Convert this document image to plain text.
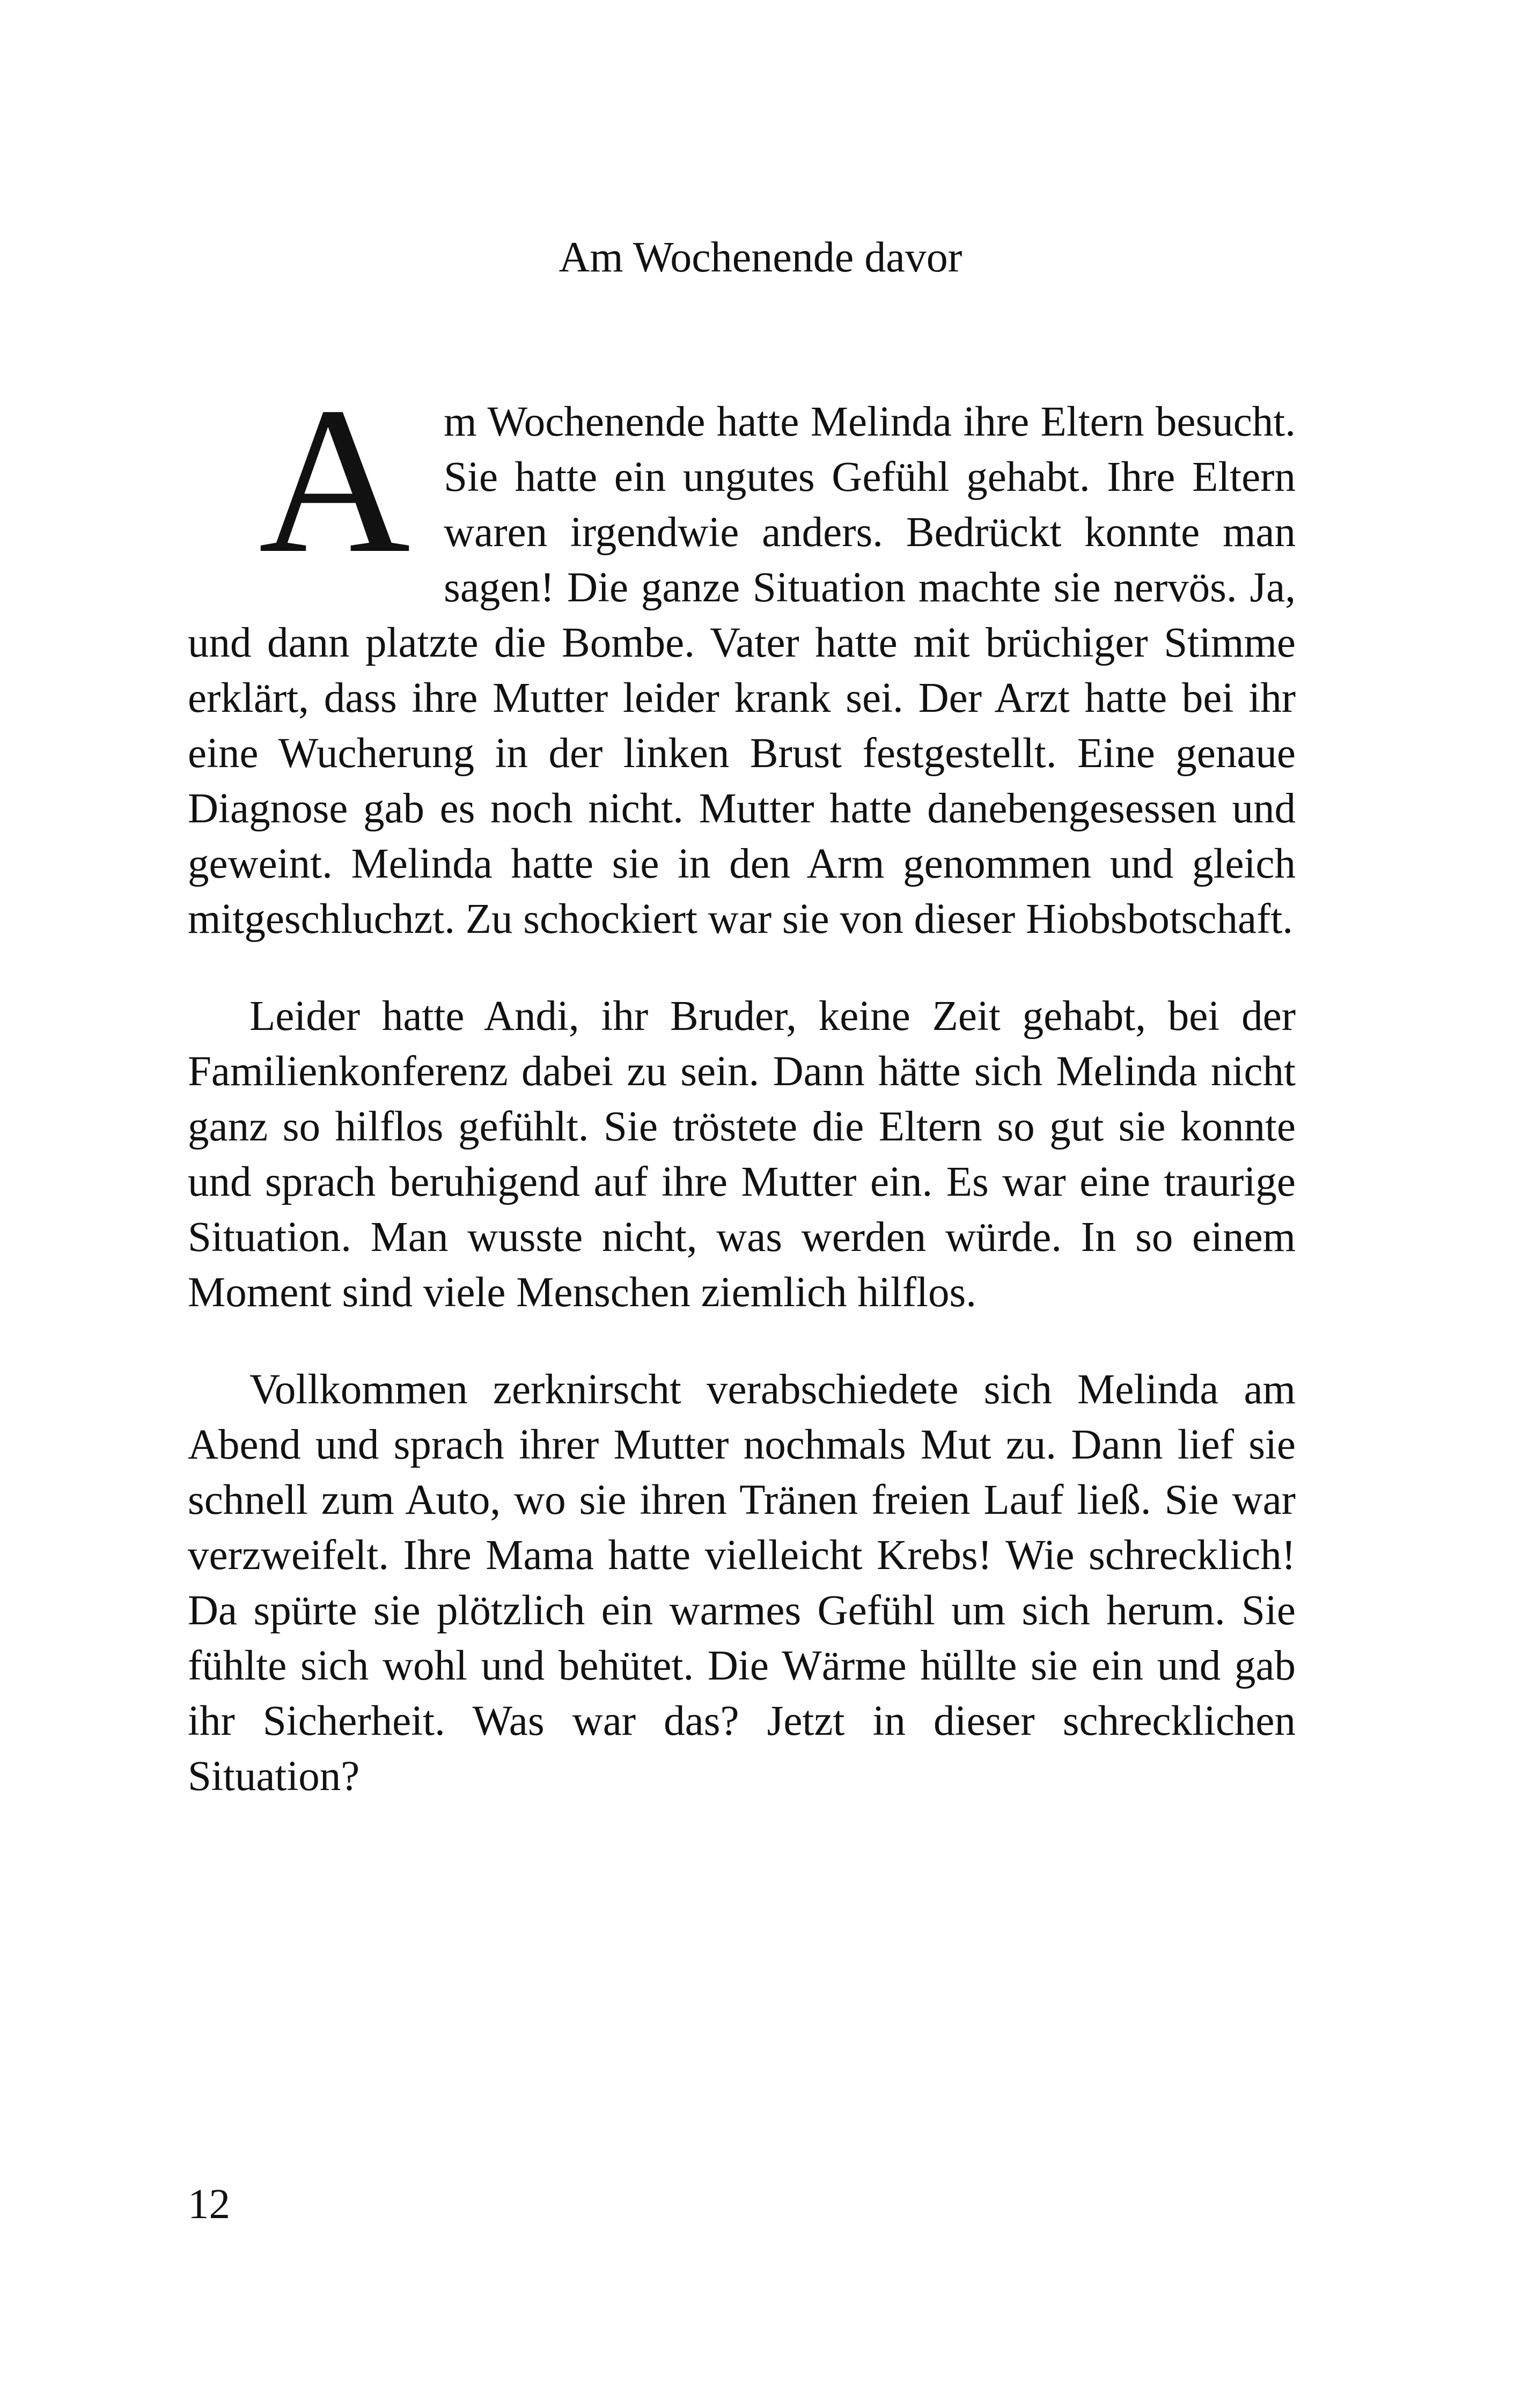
Am Wochenende davor

Am Wochenende hatte Melinda ihre Eltern besucht. Sie hatte ein ungutes Gefühl gehabt. Ihre Eltern waren irgendwie anders. Bedrückt konnte man sagen! Die ganze Situation machte sie nervös. Ja, und dann platzte die Bombe. Vater hatte mit brüchiger Stimme erklärt, dass ihre Mutter leider krank sei. Der Arzt hatte bei ihr eine Wucherung in der linken Brust festgestellt. Eine genaue Diagnose gab es noch nicht. Mutter hatte danebengesessen und geweint. Melinda hatte sie in den Arm genommen und gleich mitgeschluchzt. Zu schockiert war sie von dieser Hiobsbotschaft.

Leider hatte Andi, ihr Bruder, keine Zeit gehabt, bei der Familienkonferenz dabei zu sein. Dann hätte sich Melinda nicht ganz so hilflos gefühlt. Sie tröstete die Eltern so gut sie konnte und sprach beruhigend auf ihre Mutter ein. Es war eine traurige Situation. Man wusste nicht, was werden würde. In so einem Moment sind viele Menschen ziemlich hilflos.

Vollkommen zerknirscht verabschiedete sich Melinda am Abend und sprach ihrer Mutter nochmals Mut zu. Dann lief sie schnell zum Auto, wo sie ihren Tränen freien Lauf ließ. Sie war verzweifelt. Ihre Mama hatte vielleicht Krebs! Wie schrecklich! Da spürte sie plötzlich ein warmes Gefühl um sich herum. Sie fühlte sich wohl und behütet. Die Wärme hüllte sie ein und gab ihr Sicherheit. Was war das? Jetzt in dieser schrecklichen Situation?

12
